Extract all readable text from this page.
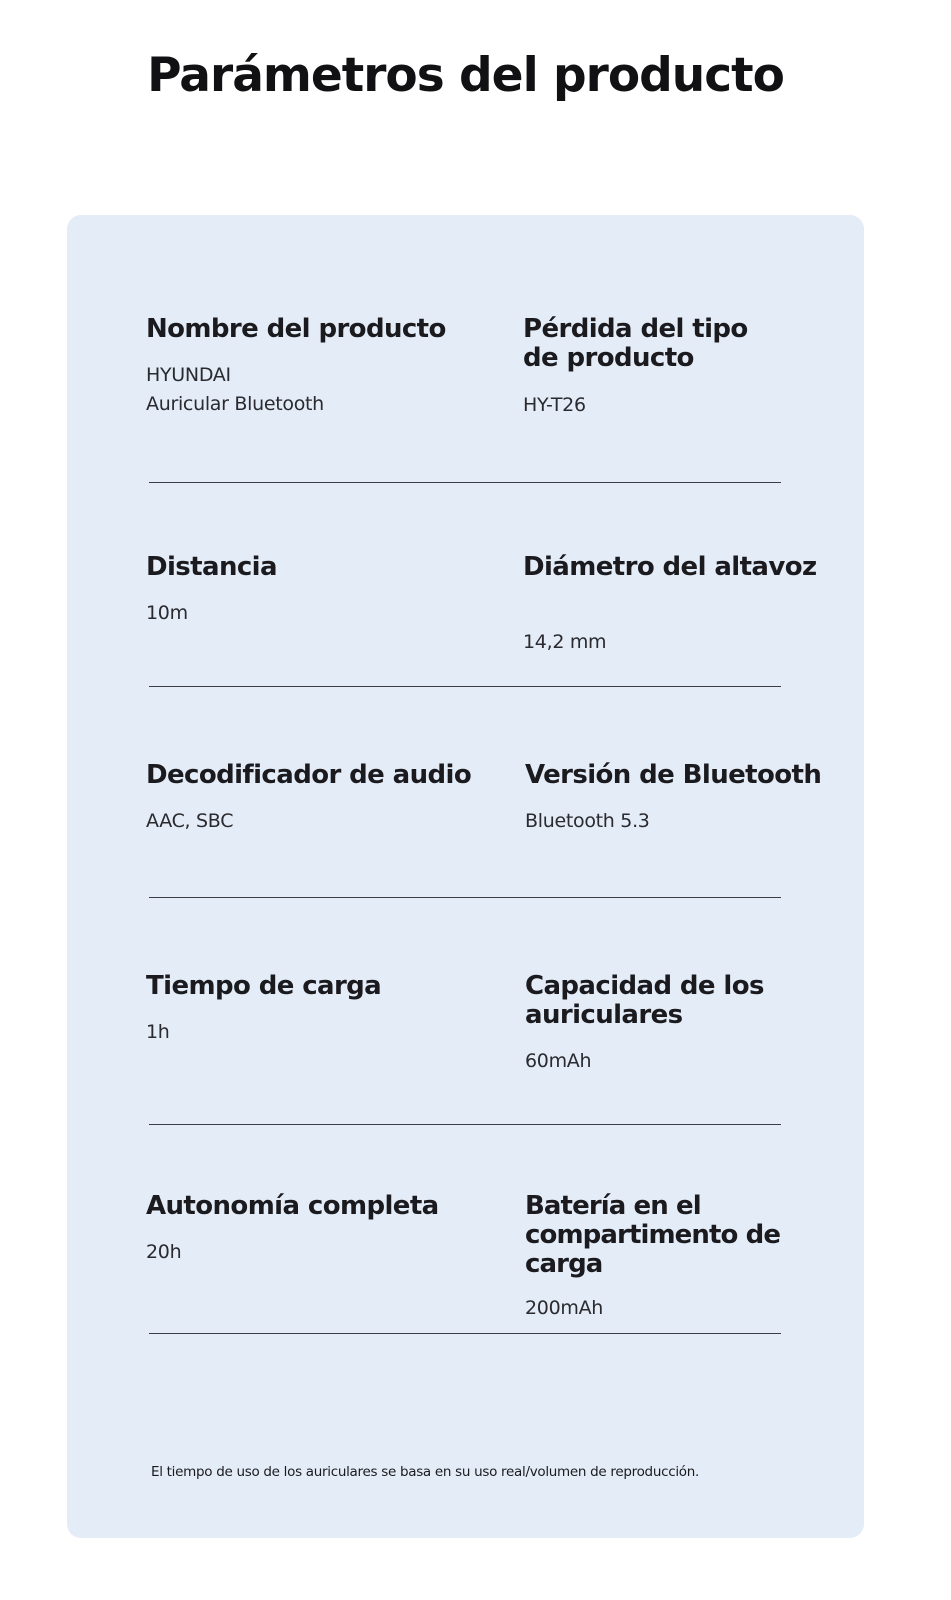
Parámetros del producto
Nombre del producto
HYUNDAI
Auricular Bluetooth
Pérdida del tipo
de producto
HY-T26
Distancia
10m
Diámetro del altavoz
14,2 mm
Decodificador de audio
AAC, SBC
Versión de Bluetooth
Bluetooth 5.3
Tiempo de carga
1h
Capacidad de los
auriculares
60mAh
Autonomía completa
20h
Batería en el
compartimento de carga
200mAh
El tiempo de uso de los auriculares se basa en su uso real/volumen de reproducción.
